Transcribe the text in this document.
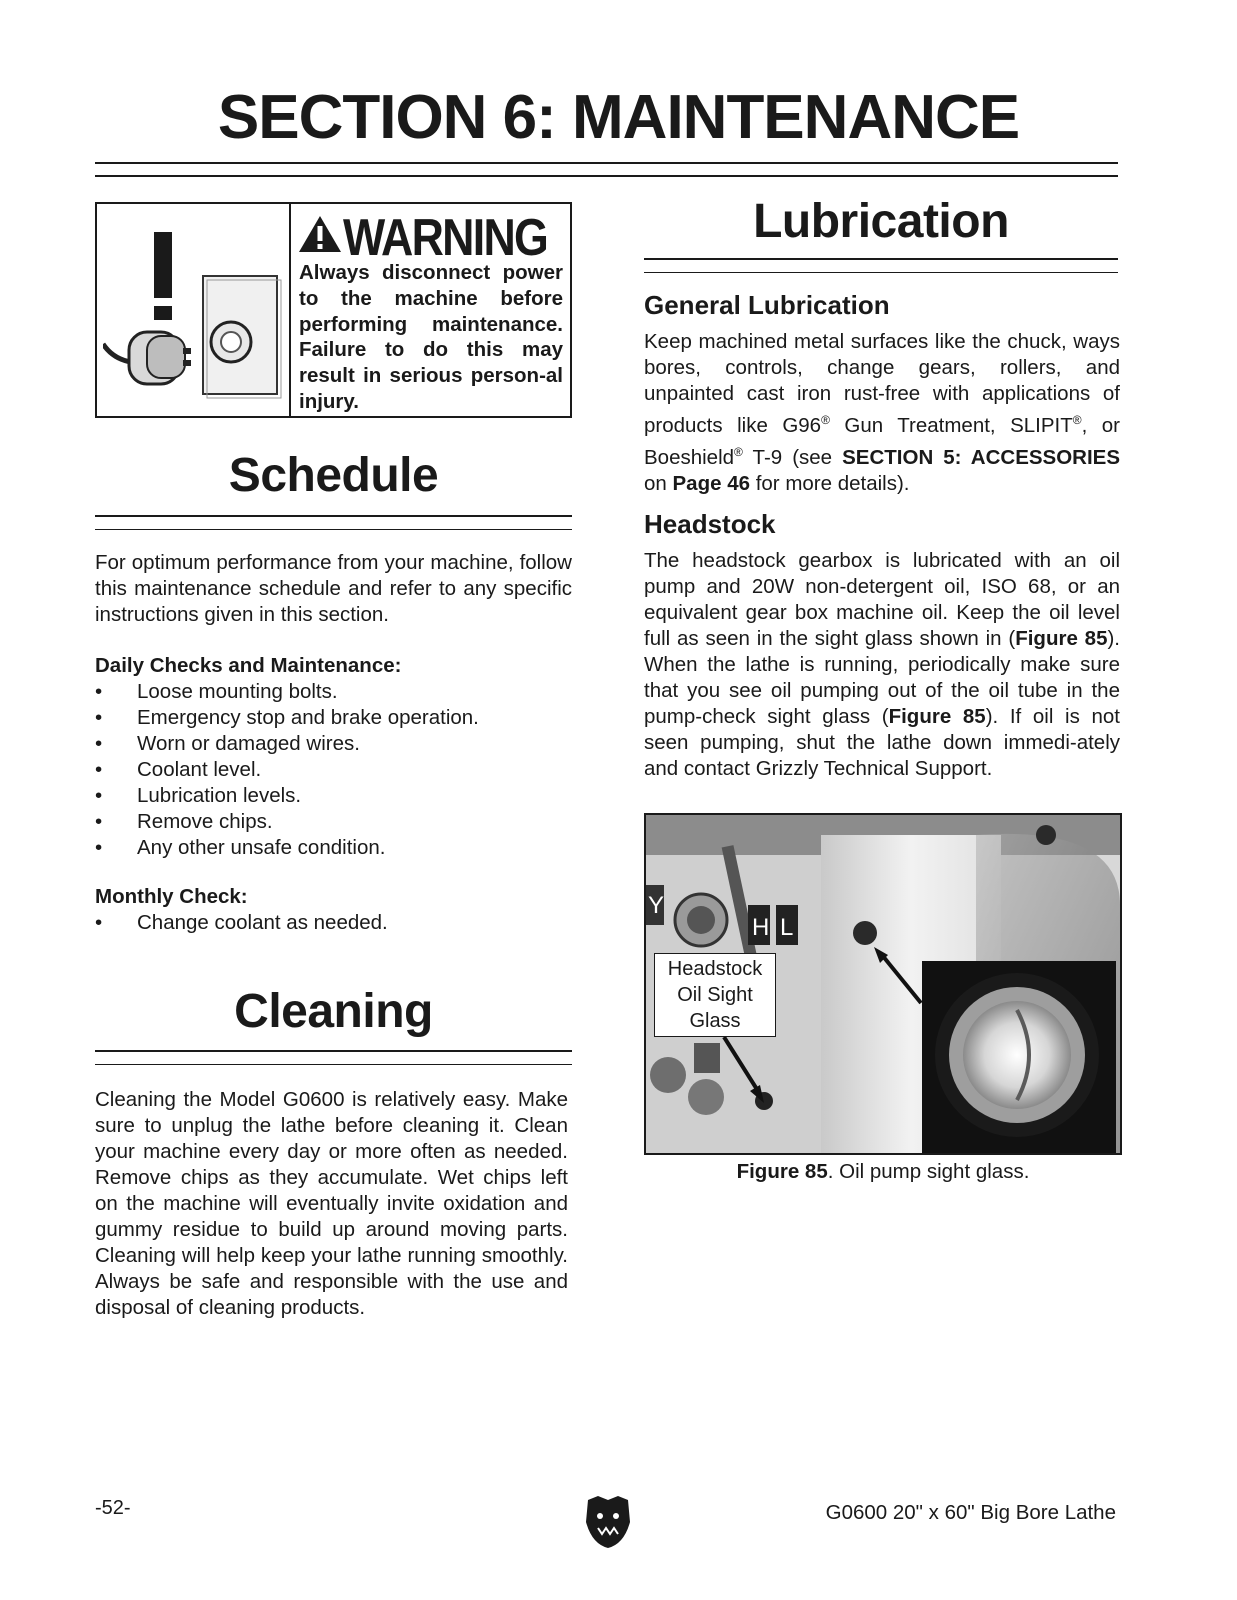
SECTION 6: MAINTENANCE
WARNING
Always disconnect power to the machine before performing maintenance. Failure to do this may result in serious person-al injury.
Schedule
For optimum performance from your machine, follow this maintenance schedule and refer to any specific instructions given in this section.
Daily Checks and Maintenance:
• Loose mounting bolts.
• Emergency stop and brake operation.
• Worn or damaged wires.
• Coolant level.
• Lubrication levels.
• Remove chips.
• Any other unsafe condition.
Monthly Check:
• Change coolant as needed.
Cleaning
Cleaning the Model G0600 is relatively easy. Make sure to unplug the lathe before cleaning it. Clean your machine every day or more often as needed. Remove chips as they accumulate. Wet chips left on the machine will eventually invite oxidation and gummy residue to build up around moving parts. Cleaning will help keep your lathe running smoothly. Always be safe and responsible with the use and disposal of cleaning products.
Lubrication
General Lubrication
Keep machined metal surfaces like the chuck, ways bores, controls, change gears, rollers, and unpainted cast iron rust-free with applications of products like G96® Gun Treatment, SLIPIT®, or Boeshield® T-9 (see SECTION 5: ACCESSORIES on Page 46 for more details).
Headstock
The headstock gearbox is lubricated with an oil pump and 20W non-detergent oil, ISO 68, or an equivalent gear box machine oil. Keep the oil level full as seen in the sight glass shown in (Figure 85). When the lathe is running, periodically make sure that you see oil pumping out of the oil tube in the pump-check sight glass (Figure 85). If oil is not seen pumping, shut the lathe down immedi-ately and contact Grizzly Technical Support.
Y
H L
Headstock
Oil Sight
Glass
Figure 85. Oil pump sight glass.
-52-	G0600 20" x 60" Big Bore Lathe
